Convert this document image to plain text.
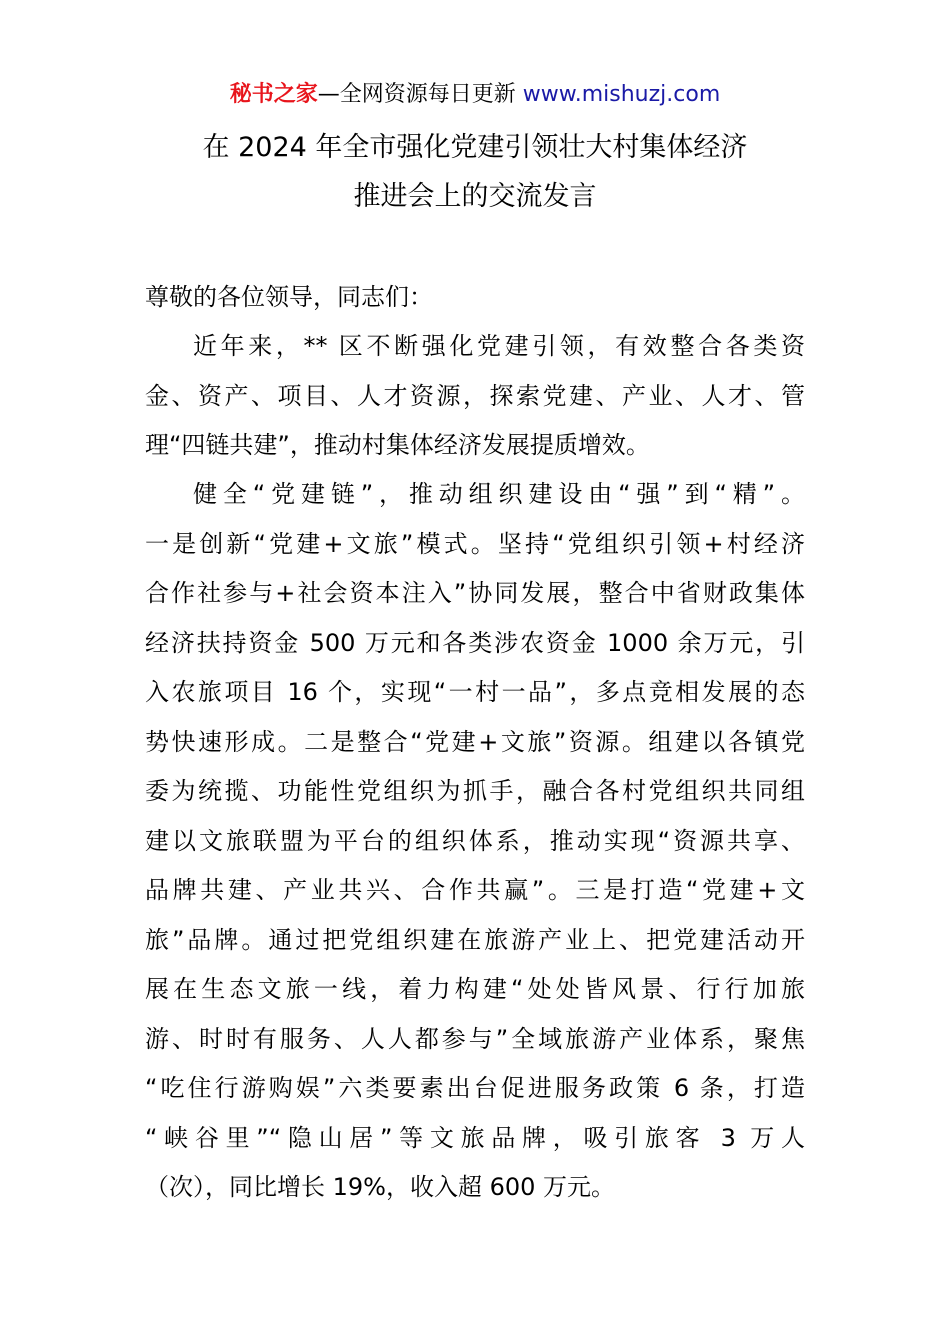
秘书之家—全网资源每日更新 www.mishuzj.com
在 2024 年全市强化党建引领壮大村集体经济
推进会上的交流发言
尊敬的各位领导，同志们：
近年来，** 区不断强化党建引领，有效整合各类资
金、资产、项目、人才资源，探索党建、产业、人才、管
理“四链共建”，推动村集体经济发展提质增效。
健全“党建链”，推动组织建设由“强”到“精”。
一是创新“党建+文旅”模式。坚持“党组织引领+村经济
合作社参与+社会资本注入”协同发展，整合中省财政集体
经济扶持资金 500 万元和各类涉农资金 1000 余万元，引
入农旅项目 16 个，实现“一村一品”，多点竞相发展的态
势快速形成。二是整合“党建+文旅”资源。组建以各镇党
委为统揽、功能性党组织为抓手，融合各村党组织共同组
建以文旅联盟为平台的组织体系，推动实现“资源共享、
品牌共建、产业共兴、合作共赢”。三是打造“党建+文
旅”品牌。通过把党组织建在旅游产业上、把党建活动开
展在生态文旅一线，着力构建“处处皆风景、行行加旅
游、时时有服务、人人都参与”全域旅游产业体系，聚焦
“吃住行游购娱”六类要素出台促进服务政策 6 条，打造
“峡谷里”“隐山居”等文旅品牌，吸引旅客 3 万人
（次），同比增长 19%，收入超 600 万元。
